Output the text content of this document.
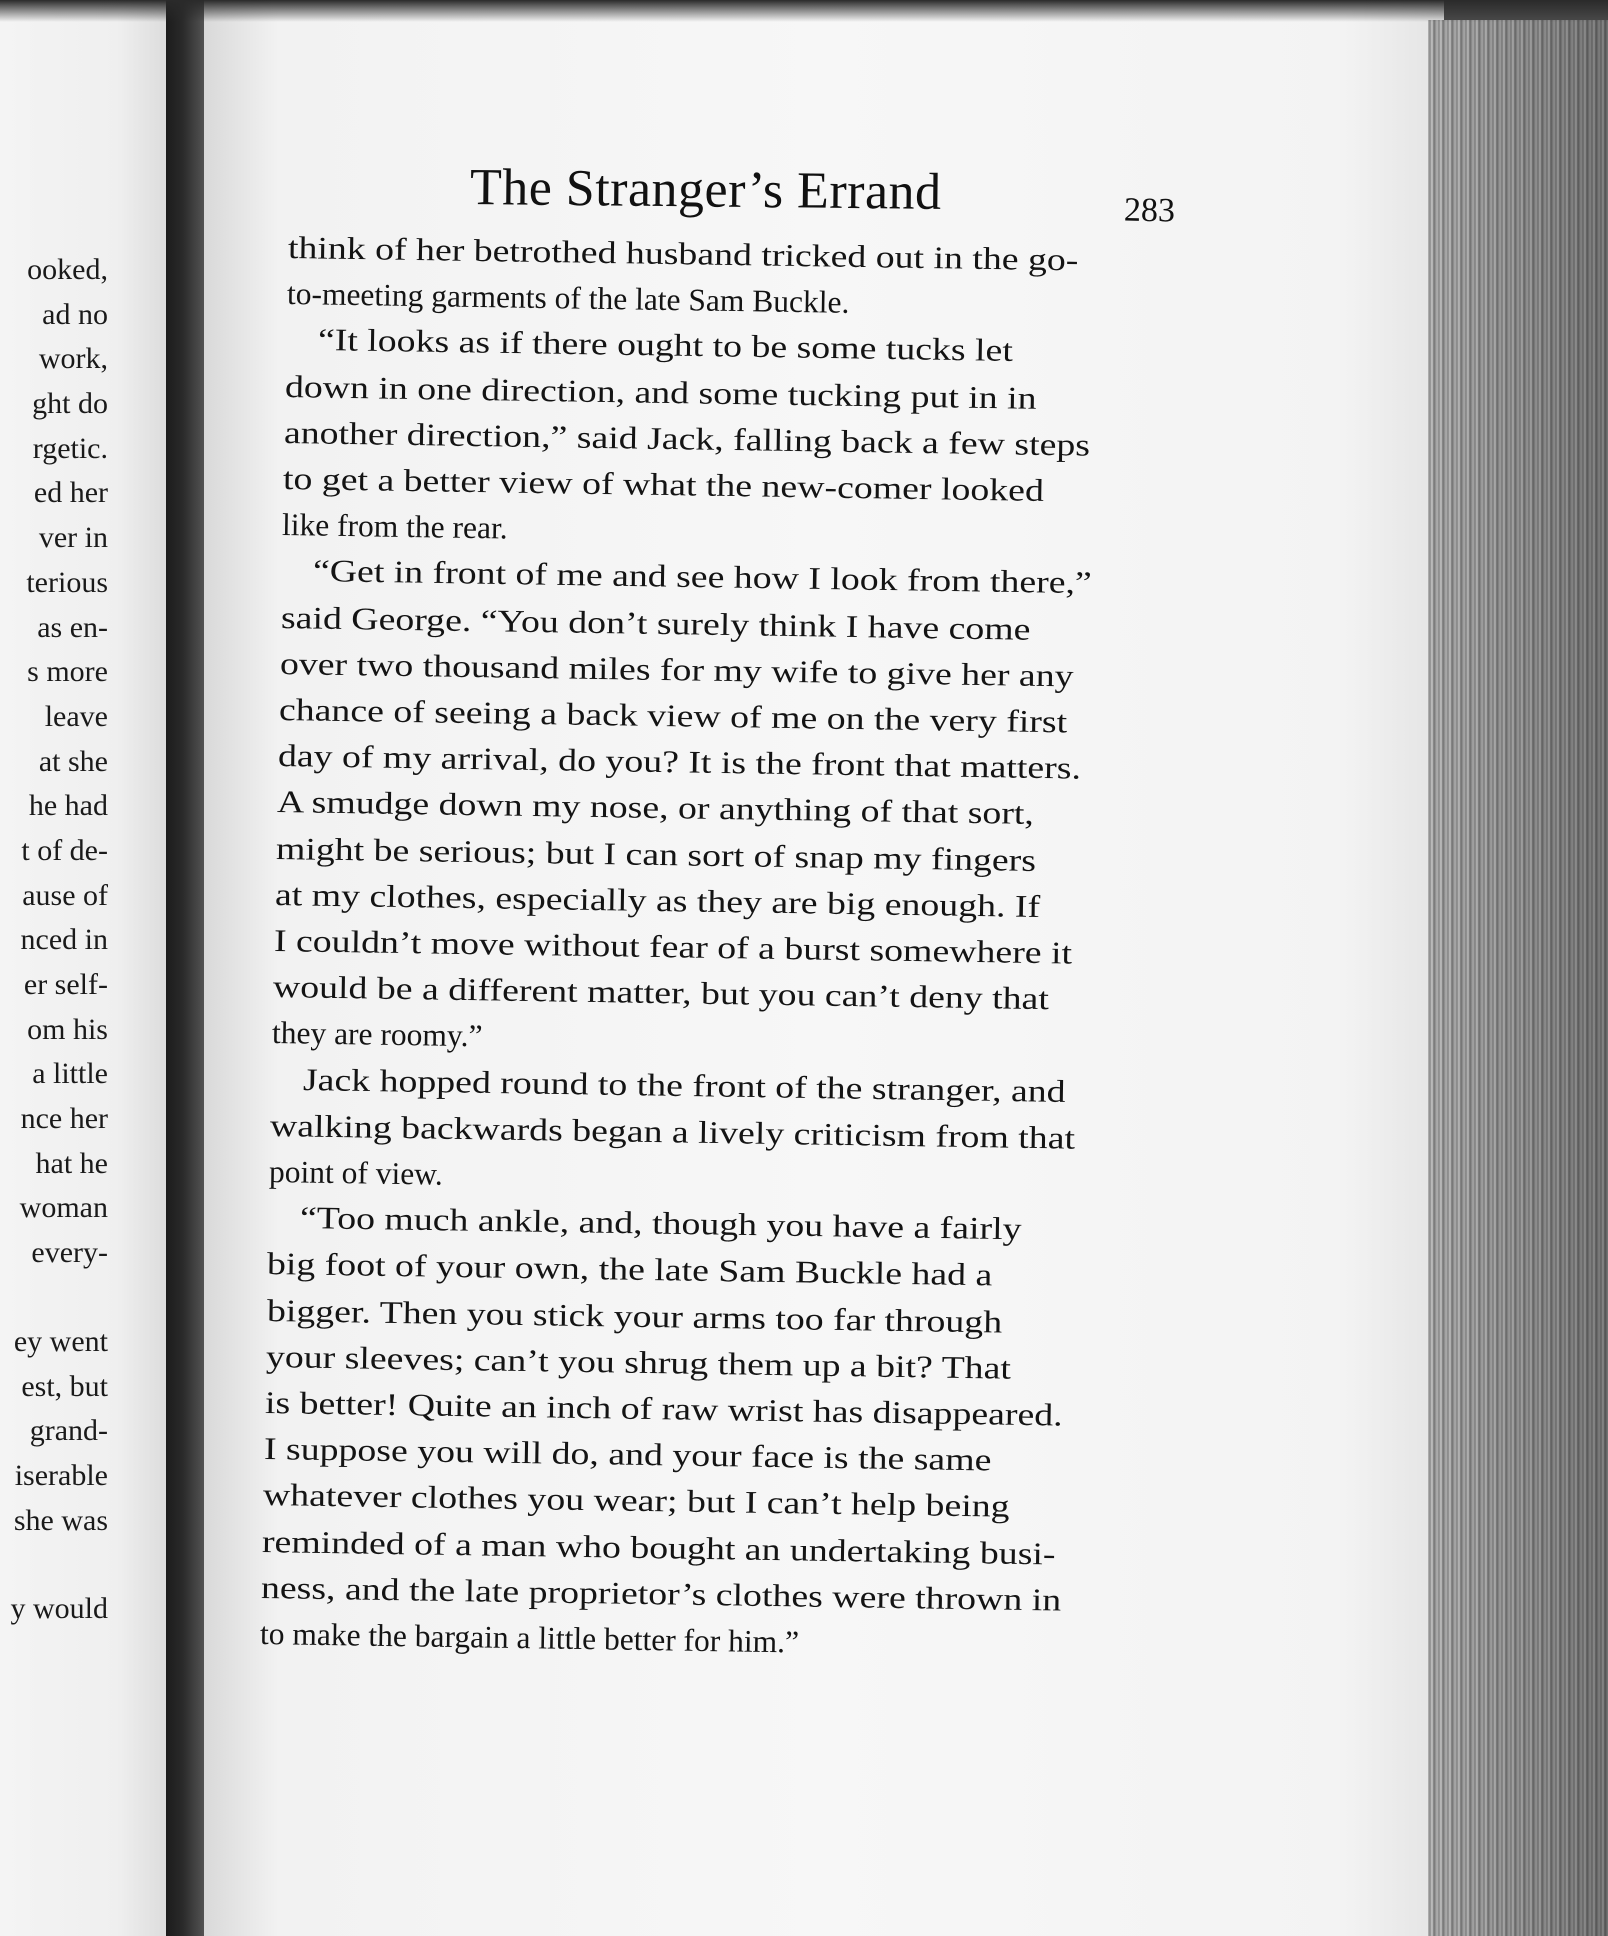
ooked,
ad no
work,
ght do
rgetic.
ed her
ver in
terious
as en-
s more
leave
at she
he had
t of de-
ause of
nced in
er self-
om his
a little
nce her
hat he
woman
every-
ey went
est, but
grand-
iserable
she was
y would
The Stranger’s Errand	283
think of her betrothed husband tricked out in the go-
to-meeting garments of the late Sam Buckle.
“It looks as if there ought to be some tucks let
down in one direction, and some tucking put in in
another direction,” said Jack, falling back a few steps
to get a better view of what the new-comer looked
like from the rear.
“Get in front of me and see how I look from there,”
said George. “You don’t surely think I have come
over two thousand miles for my wife to give her any
chance of seeing a back view of me on the very first
day of my arrival, do you? It is the front that matters.
A smudge down my nose, or anything of that sort,
might be serious; but I can sort of snap my fingers
at my clothes, especially as they are big enough. If
I couldn’t move without fear of a burst somewhere it
would be a different matter, but you can’t deny that
they are roomy.”
Jack hopped round to the front of the stranger, and
walking backwards began a lively criticism from that
point of view.
“Too much ankle, and, though you have a fairly
big foot of your own, the late Sam Buckle had a
bigger. Then you stick your arms too far through
your sleeves; can’t you shrug them up a bit? That
is better! Quite an inch of raw wrist has disappeared.
I suppose you will do, and your face is the same
whatever clothes you wear; but I can’t help being
reminded of a man who bought an undertaking busi-
ness, and the late proprietor’s clothes were thrown in
to make the bargain a little better for him.”
